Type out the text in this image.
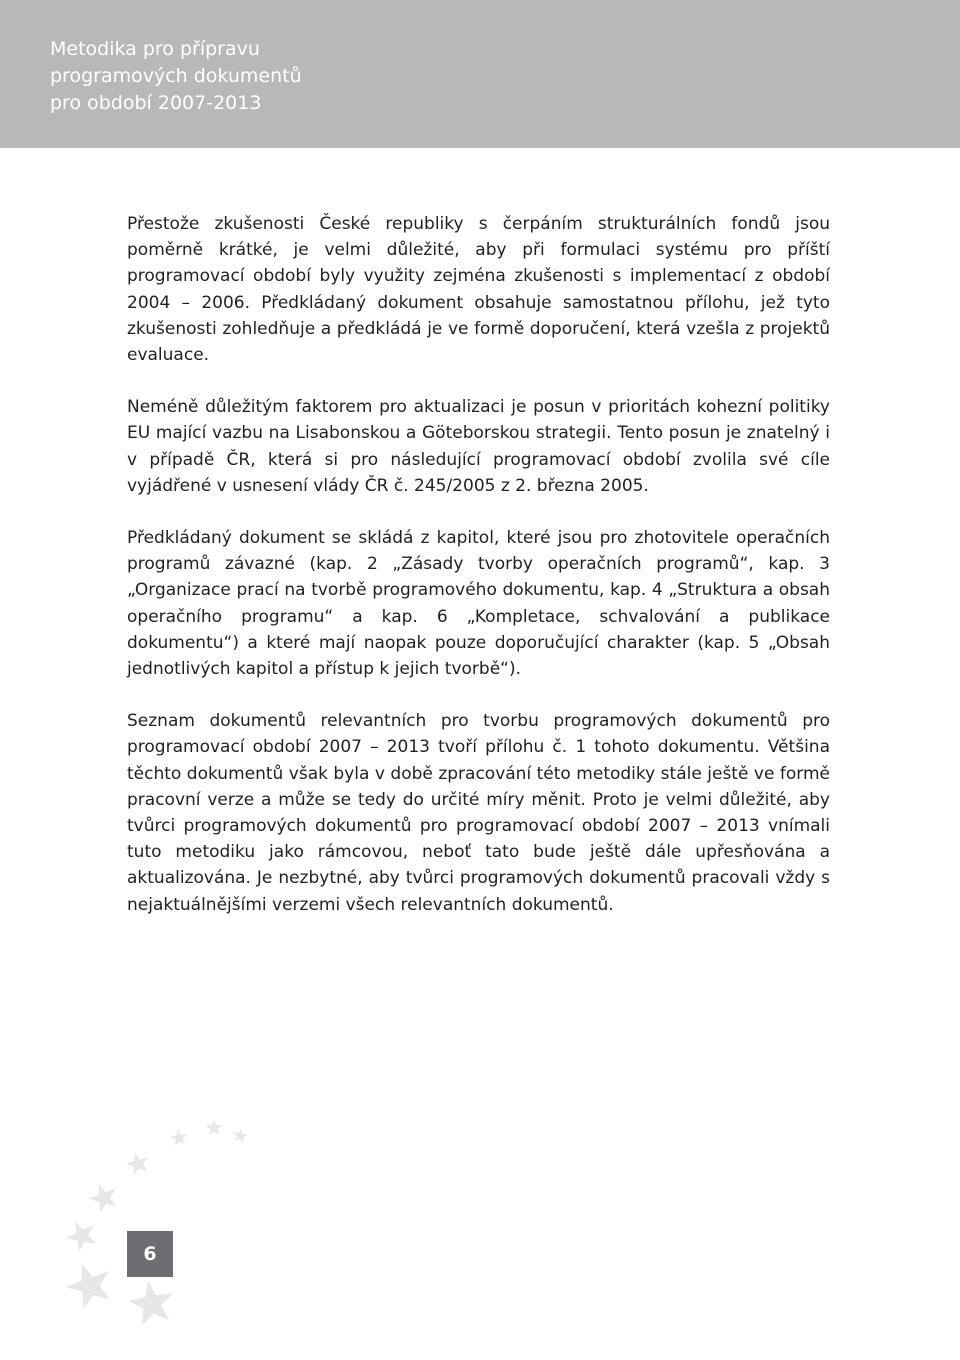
Metodika pro přípravu
programových dokumentů
pro období 2007-2013

Přestože zkušenosti České republiky s čerpáním strukturálních fondů jsou poměrně krátké, je velmi důležité, aby při formulaci systému pro příští programovací období byly využity zejména zkušenosti s implementací z období 2004 – 2006. Předkládaný dokument obsahuje samostatnou přílohu, jež tyto zkušenosti zohledňuje a předkládá je ve formě doporučení, která vzešla z projektů evaluace.

Neméně důležitým faktorem pro aktualizaci je posun v prioritách kohezní politiky EU mající vazbu na Lisabonskou a Göteborskou strategii. Tento posun je znatelný i v případě ČR, která si pro následující programovací období zvolila své cíle vyjádřené v usnesení vlády ČR č. 245/2005 z 2. března 2005.

Předkládaný dokument se skládá z kapitol, které jsou pro zhotovitele operačních programů závazné (kap. 2 „Zásady tvorby operačních programů“, kap. 3 „Organizace prací na tvorbě programového dokumentu, kap. 4 „Struktura a obsah operačního programu“ a kap. 6 „Kompletace, schvalování a publikace dokumentu“) a které mají naopak pouze doporučující charakter (kap. 5 „Obsah jednotlivých kapitol a přístup k jejich tvorbě“).

Seznam dokumentů relevantních pro tvorbu programových dokumentů pro programovací období 2007 – 2013 tvoří přílohu č. 1 tohoto dokumentu. Většina těchto dokumentů však byla v době zpracování této metodiky stále ještě ve formě pracovní verze a může se tedy do určité míry měnit. Proto je velmi důležité, aby tvůrci programových dokumentů pro programovací období 2007 – 2013 vnímali tuto metodiku jako rámcovou, neboť tato bude ještě dále upřesňována a aktualizována. Je nezbytné, aby tvůrci programových dokumentů pracovali vždy s nejaktuálnějšími verzemi všech relevantních dokumentů.

6
